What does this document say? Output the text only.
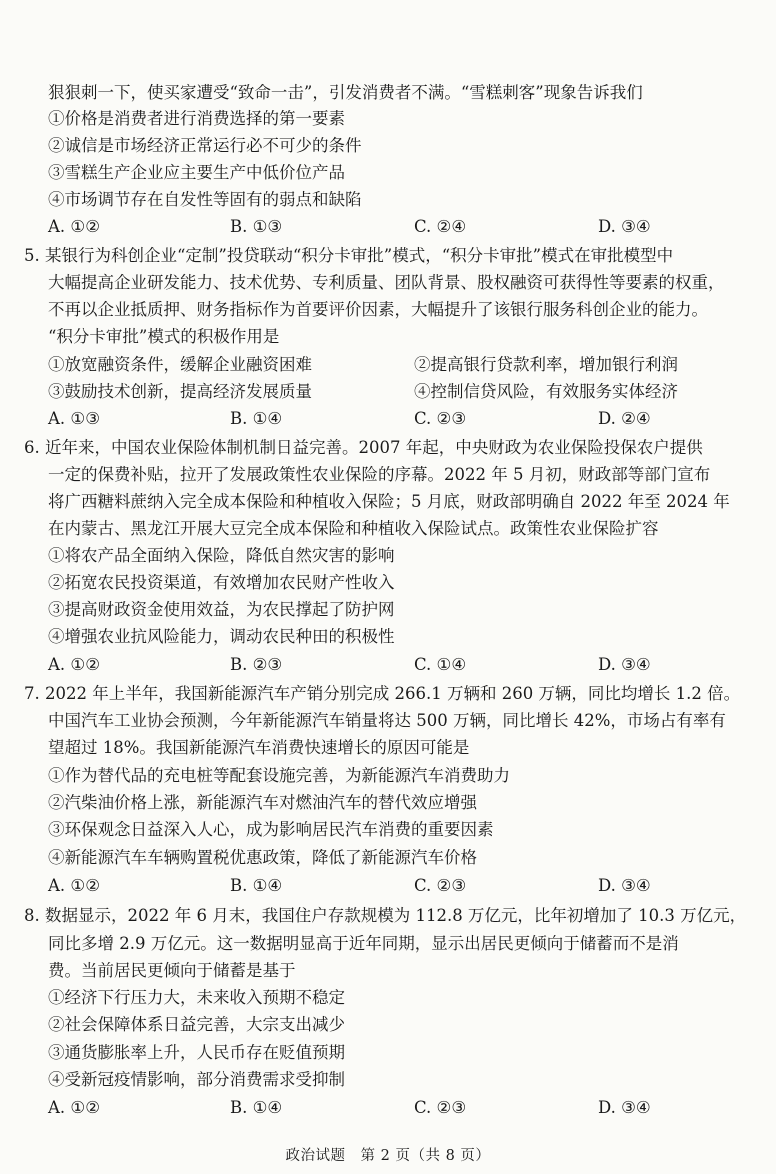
狠狠刺一下，使买家遭受“致命一击”，引发消费者不满。“雪糕刺客”现象告诉我们
①价格是消费者进行消费选择的第一要素
②诚信是市场经济正常运行必不可少的条件
③雪糕生产企业应主要生产中低价位产品
④市场调节存在自发性等固有的弱点和缺陷
A. ①②	B. ①③	C. ②④	D. ③④
5. 某银行为科创企业“定制”投贷联动“积分卡审批”模式，“积分卡审批”模式在审批模型中
大幅提高企业研发能力、技术优势、专利质量、团队背景、股权融资可获得性等要素的权重，
不再以企业抵质押、财务指标作为首要评价因素，大幅提升了该银行服务科创企业的能力。
“积分卡审批”模式的积极作用是
①放宽融资条件，缓解企业融资困难	②提高银行贷款利率，增加银行利润
③鼓励技术创新，提高经济发展质量	④控制信贷风险，有效服务实体经济
A. ①③	B. ①④	C. ②③	D. ②④
6. 近年来，中国农业保险体制机制日益完善。2007 年起，中央财政为农业保险投保农户提供
一定的保费补贴，拉开了发展政策性农业保险的序幕。2022 年 5 月初，财政部等部门宣布
将广西糖料蔗纳入完全成本保险和种植收入保险；5 月底，财政部明确自 2022 年至 2024 年
在内蒙古、黑龙江开展大豆完全成本保险和种植收入保险试点。政策性农业保险扩容
①将农产品全面纳入保险，降低自然灾害的影响
②拓宽农民投资渠道，有效增加农民财产性收入
③提高财政资金使用效益，为农民撑起了防护网
④增强农业抗风险能力，调动农民种田的积极性
A. ①②	B. ②③	C. ①④	D. ③④
7. 2022 年上半年，我国新能源汽车产销分别完成 266.1 万辆和 260 万辆，同比均增长 1.2 倍。
中国汽车工业协会预测，今年新能源汽车销量将达 500 万辆，同比增长 42%，市场占有率有
望超过 18%。我国新能源汽车消费快速增长的原因可能是
①作为替代品的充电桩等配套设施完善，为新能源汽车消费助力
②汽柴油价格上涨，新能源汽车对燃油汽车的替代效应增强
③环保观念日益深入人心，成为影响居民汽车消费的重要因素
④新能源汽车车辆购置税优惠政策，降低了新能源汽车价格
A. ①②	B. ①④	C. ②③	D. ③④
8. 数据显示，2022 年 6 月末，我国住户存款规模为 112.8 万亿元，比年初增加了 10.3 万亿元，
同比多增 2.9 万亿元。这一数据明显高于近年同期，显示出居民更倾向于储蓄而不是消
费。当前居民更倾向于储蓄是基于
①经济下行压力大，未来收入预期不稳定
②社会保障体系日益完善，大宗支出减少
③通货膨胀率上升，人民币存在贬值预期
④受新冠疫情影响，部分消费需求受抑制
A. ①②	B. ①④	C. ②③	D. ③④
政治试题　第 2 页（共 8 页）
